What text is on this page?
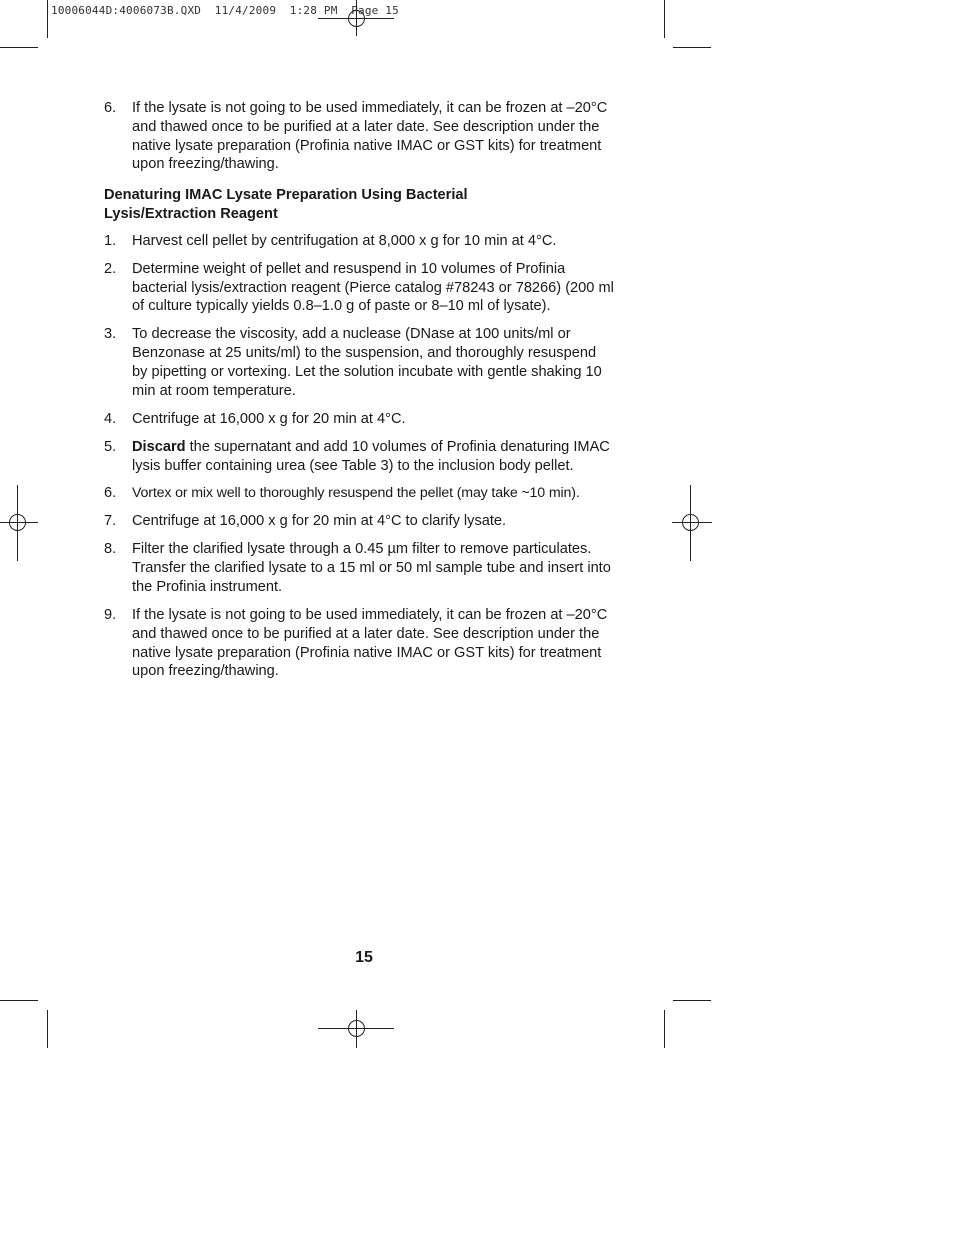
10006044D:4006073B.QXD  11/4/2009  1:28 PM  Page 15
6. If the lysate is not going to be used immediately, it can be frozen at –20°C and thawed once to be purified at a later date. See description under the native lysate preparation (Profinia native IMAC or GST kits) for treatment upon freezing/thawing.
Denaturing IMAC Lysate Preparation Using Bacterial Lysis/Extraction Reagent
1. Harvest cell pellet by centrifugation at 8,000 x g for 10 min at 4°C.
2. Determine weight of pellet and resuspend in 10 volumes of Profinia bacterial lysis/extraction reagent (Pierce catalog #78243 or 78266) (200 ml of culture typically yields 0.8–1.0 g of paste or 8–10 ml of lysate).
3. To decrease the viscosity, add a nuclease (DNase at 100 units/ml or Benzonase at 25 units/ml) to the suspension, and thoroughly resuspend by pipetting or vortexing. Let the solution incubate with gentle shaking 10 min at room temperature.
4. Centrifuge at 16,000 x g for 20 min at 4°C.
5. Discard the supernatant and add 10 volumes of Profinia denaturing IMAC lysis buffer containing urea (see Table 3) to the inclusion body pellet.
6. Vortex or mix well to thoroughly resuspend the pellet (may take ~10 min).
7. Centrifuge at 16,000 x g for 20 min at 4°C to clarify lysate.
8. Filter the clarified lysate through a 0.45 µm filter to remove particulates. Transfer the clarified lysate to a 15 ml or 50 ml sample tube and insert into the Profinia instrument.
9. If the lysate is not going to be used immediately, it can be frozen at –20°C and thawed once to be purified at a later date. See description under the native lysate preparation (Profinia native IMAC or GST kits) for treatment upon freezing/thawing.
15
